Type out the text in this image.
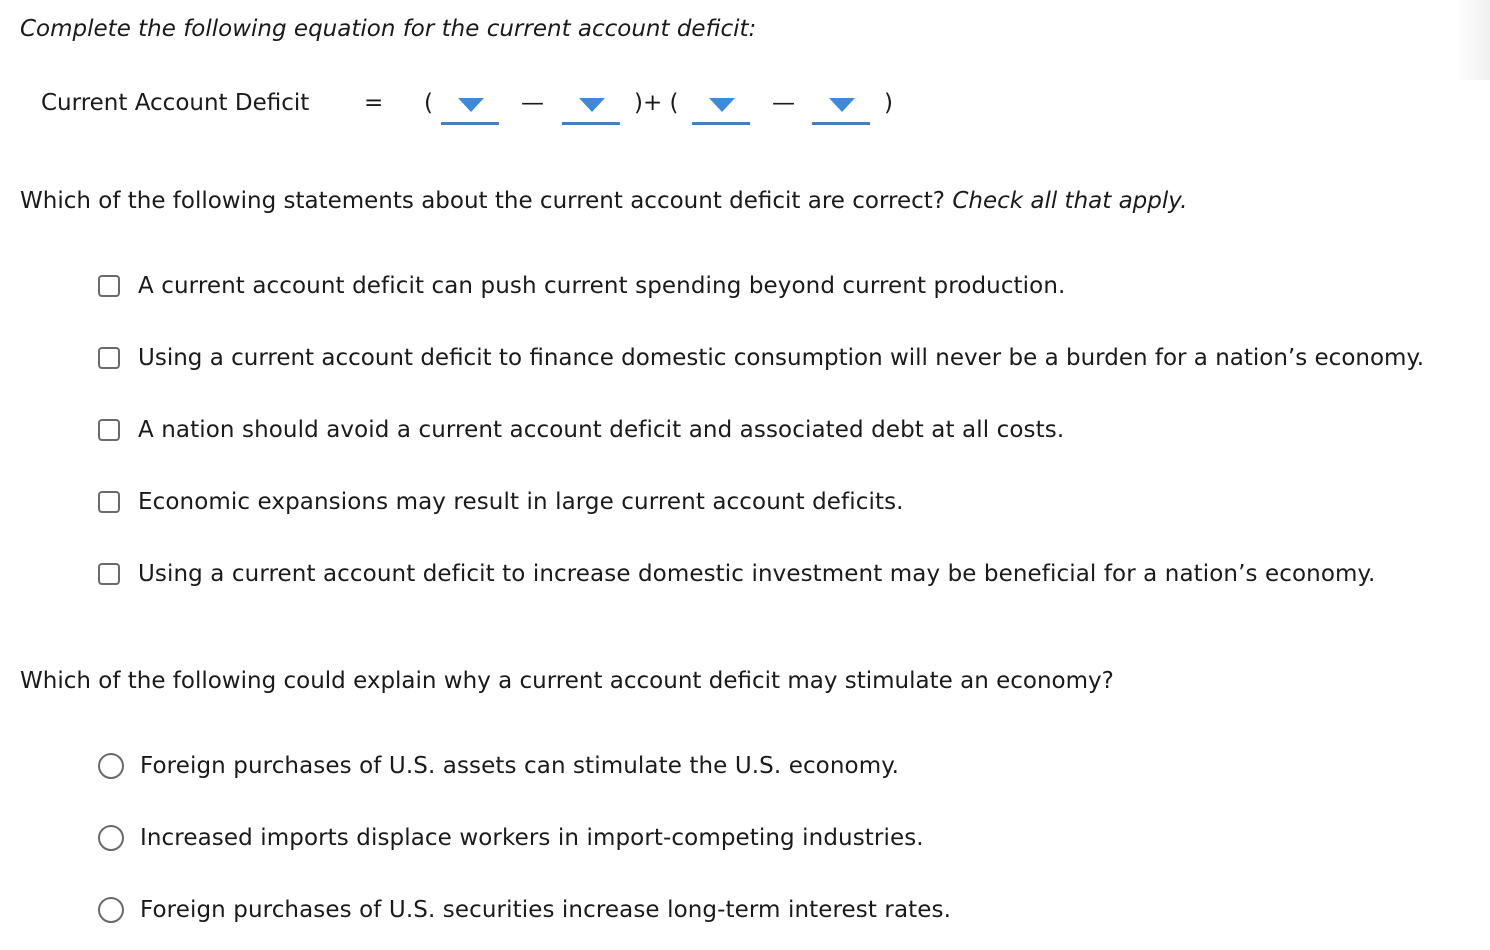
Complete the following equation for the current account deficit:
Current Account Deficit = (	—	)+ (	—	)
Which of the following statements about the current account deficit are correct? Check all that apply.
A current account deficit can push current spending beyond current production.
Using a current account deficit to finance domestic consumption will never be a burden for a nation’s economy.
A nation should avoid a current account deficit and associated debt at all costs.
Economic expansions may result in large current account deficits.
Using a current account deficit to increase domestic investment may be beneficial for a nation’s economy.
Which of the following could explain why a current account deficit may stimulate an economy?
Foreign purchases of U.S. assets can stimulate the U.S. economy.
Increased imports displace workers in import-competing industries.
Foreign purchases of U.S. securities increase long-term interest rates.
